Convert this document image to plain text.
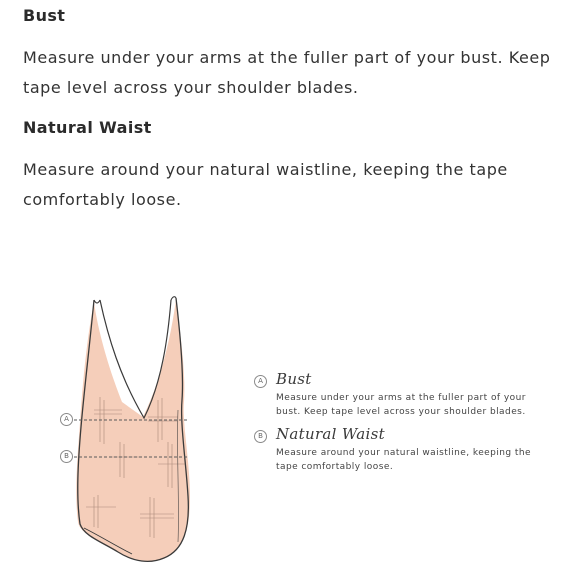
Bust

Measure under your arms at the fuller part of your bust. Keep tape level across your shoulder blades.

Natural Waist

Measure around your natural waistline, keeping the tape comfortably loose.

A
B
A Bust

Measure under your arms at the fuller part of your bust. Keep tape level across your shoulder blades.

B Natural Waist

Measure around your natural waistline, keeping the tape comfortably loose.
